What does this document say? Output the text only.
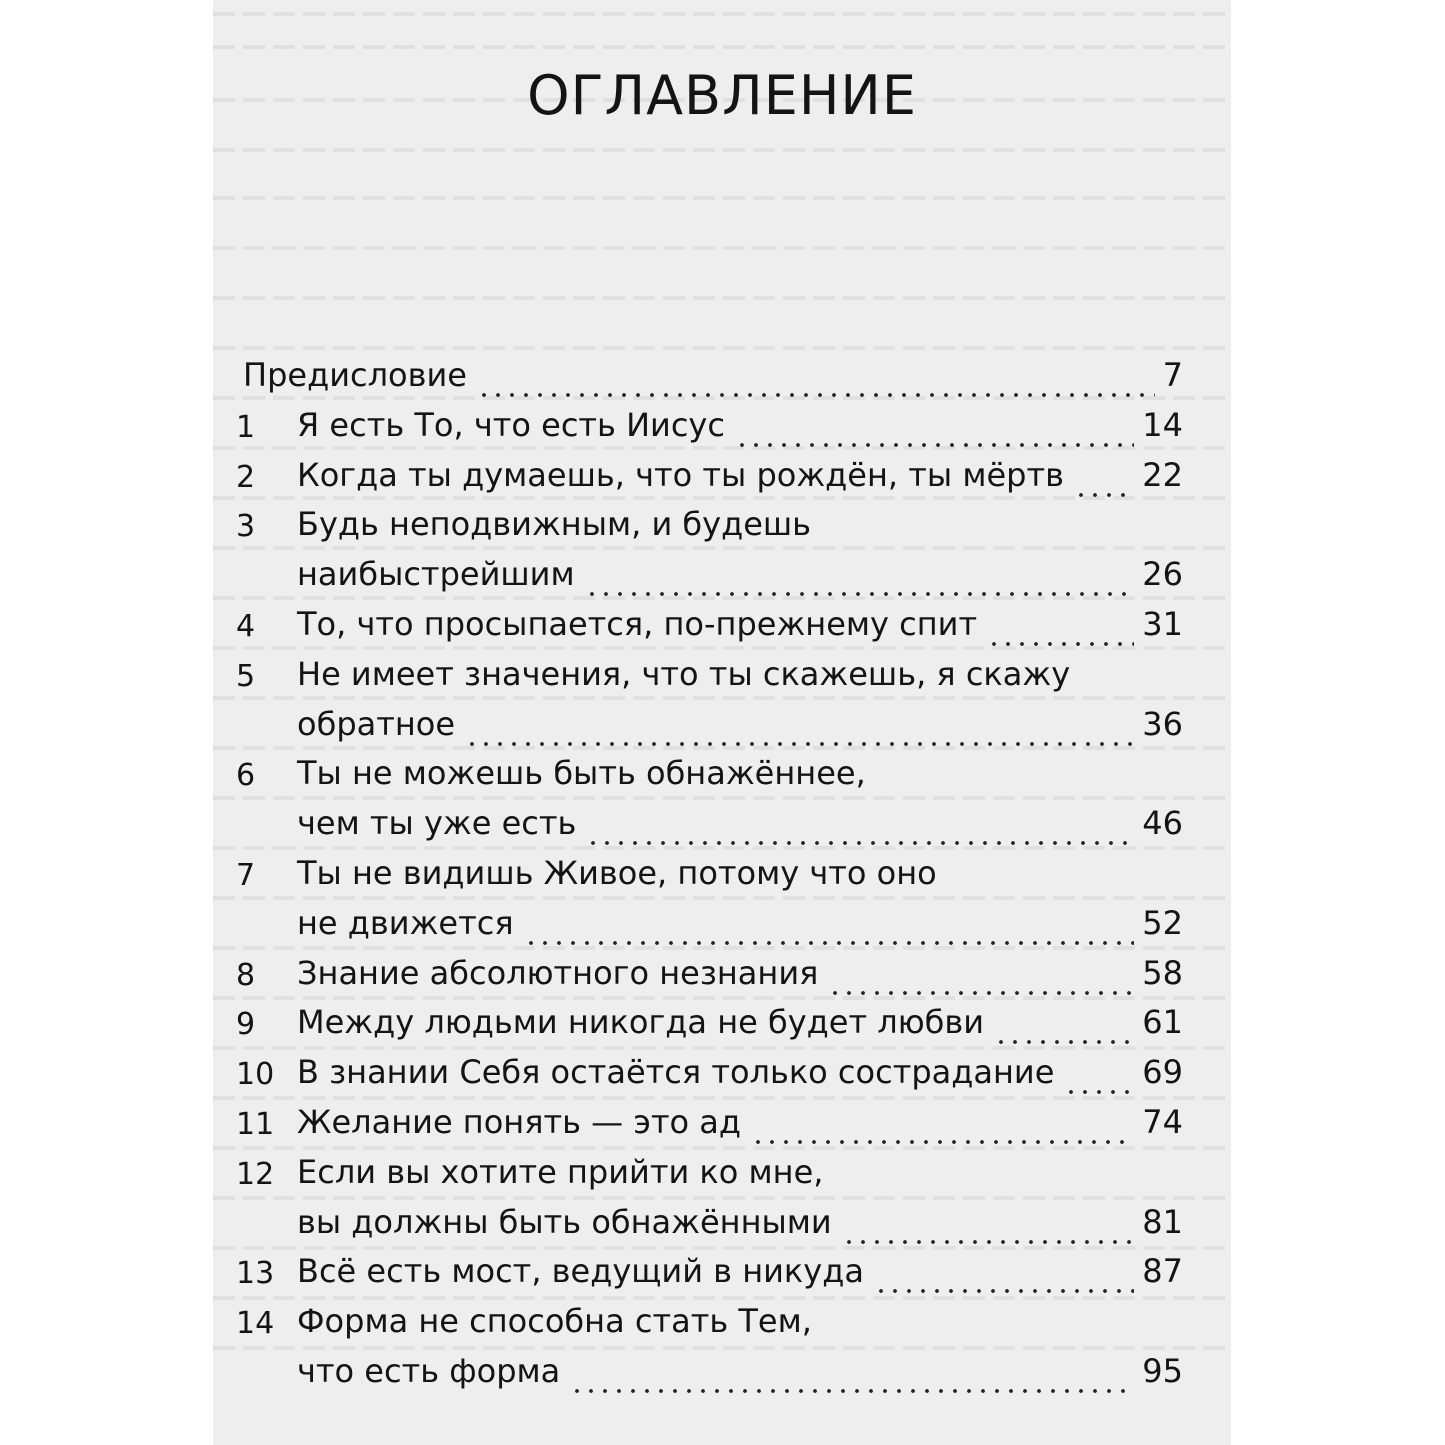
ОГЛАВЛЕНИЕ
Предисловие	7
1 Я есть То, что есть Иисус	14
2 Когда ты думаешь, что ты рождён, ты мёртв 22
3 Будь неподвижным, и будешь
наибыстрейшим	26
4 То, что просыпается, по-прежнему спит	31
5 Не имеет значения, что ты скажешь, я скажу
обратное	36
6 Ты не можешь быть обнажённее,
чем ты уже есть	46
7 Ты не видишь Живое, потому что оно
не движется	52
8 Знание абсолютного незнания	58
9 Между людьми никогда не будет любви	61
10 В знании Себя остаётся только сострадание	69
11 Желание понять — это ад	74
12 Если вы хотите прийти ко мне,
вы должны быть обнажёнными	81
13 Всё есть мост, ведущий в никуда	87
14 Форма не способна стать Тем,
что есть форма	95
